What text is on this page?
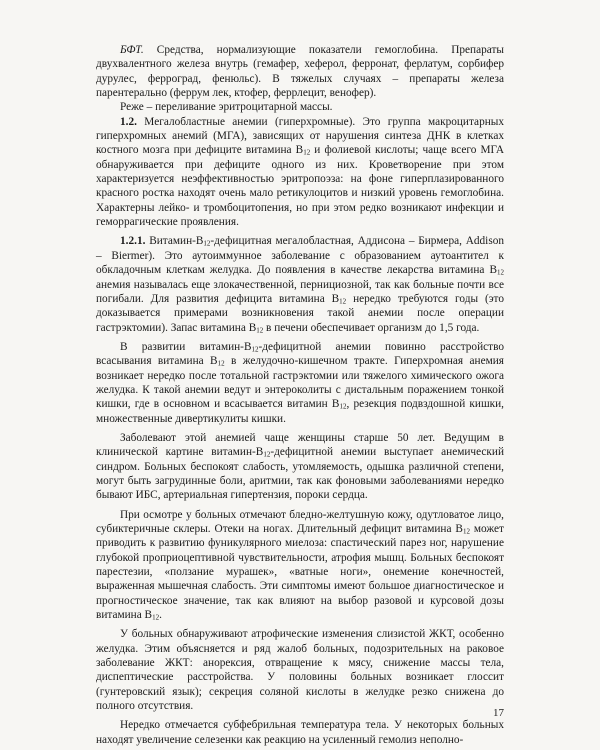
БФТ. Средства, нормализующие показатели гемоглобина. Препараты двухвалентного железа внутрь (гемафер, хеферол, ферронат, ферлатум, сорбифер дурулес, ферроград, фенюльс). В тяжелых случаях – препараты железа парентерально (феррум лек, ктофер, феррлецит, венофер).

Реже – переливание эритроцитарной массы.

1.2. Мегалобластные анемии (гиперхромные). Это группа макроцитарных гиперхромных анемий (МГА), зависящих от нарушения синтеза ДНК в клетках костного мозга при дефиците витамина $В_{12}$ и фолиевой кислоты; чаще всего МГА обнаруживается при дефиците одного из них. Кроветворение при этом характеризуется неэффективностью эритропоэза: на фоне гиперплазированного красного ростка находят очень мало ретикулоцитов и низкий уровень гемоглобина. Характерны лейко- и тромбоцитопения, но при этом редко возникают инфекции и геморрагические проявления.

1.2.1. Витамин-$В_{12}$-дефицитная мегалобластная, Аддисона – Бирмера, Addison – Biermer). Это аутоиммунное заболевание с образованием аутоантител к обкладочным клеткам желудка. До появления в качестве лекарства витамина $В_{12}$ анемия называлась еще злокачественной, пернициозной, так как больные почти все погибали. Для развития дефицита витамина $В_{12}$ нередко требуются годы (это доказывается примерами возникновения такой анемии после операции гастрэктомии). Запас витамина $В_{12}$ в печени обеспечивает организм до 1,5 года.

В развитии витамин-$В_{12}$-дефицитной анемии повинно расстройство всасывания витамина $В_{12}$ в желудочно-кишечном тракте. Гиперхромная анемия возникает нередко после тотальной гастрэктомии или тяжелого химического ожога желудка. К такой анемии ведут и энтероколиты с дистальным поражением тонкой кишки, где в основном и всасывается витамин $В_{12}$, резекция подвздошной кишки, множественные дивертикулиты кишки.

Заболевают этой анемией чаще женщины старше 50 лет. Ведущим в клинической картине витамин-$В_{12}$-дефицитной анемии выступает анемический синдром. Больных беспокоят слабость, утомляемость, одышка различной степени, могут быть загрудинные боли, аритмии, так как фоновыми заболеваниями нередко бывают ИБС, артериальная гипертензия, пороки сердца.

При осмотре у больных отмечают бледно-желтушную кожу, одутловатое лицо, субиктеричные склеры. Отеки на ногах. Длительный дефицит витамина $В_{12}$ может приводить к развитию фуникулярного миелоза: спастический парез ног, нарушение глубокой проприоцептивной чувствительности, атрофия мышц. Больных беспокоят парестезии, «ползание мурашек», «ватные ноги», онемение конечностей, выраженная мышечная слабость. Эти симптомы имеют большое диагностическое и прогностическое значение, так как влияют на выбор разовой и курсовой дозы витамина $В_{12}$.

У больных обнаруживают атрофические изменения слизистой ЖКТ, особенно желудка. Этим объясняется и ряд жалоб больных, подозрительных на раковое заболевание ЖКТ: анорексия, отвращение к мясу, снижение массы тела, диспептические расстройства. У половины больных возникает глоссит (гунтеровский язык); секреция соляной кислоты в желудке резко снижена до полного отсутствия.

Нередко отмечается субфебрильная температура тела. У некоторых больных находят увеличение селезенки как реакцию на усиленный гемолиз неполно-

17
